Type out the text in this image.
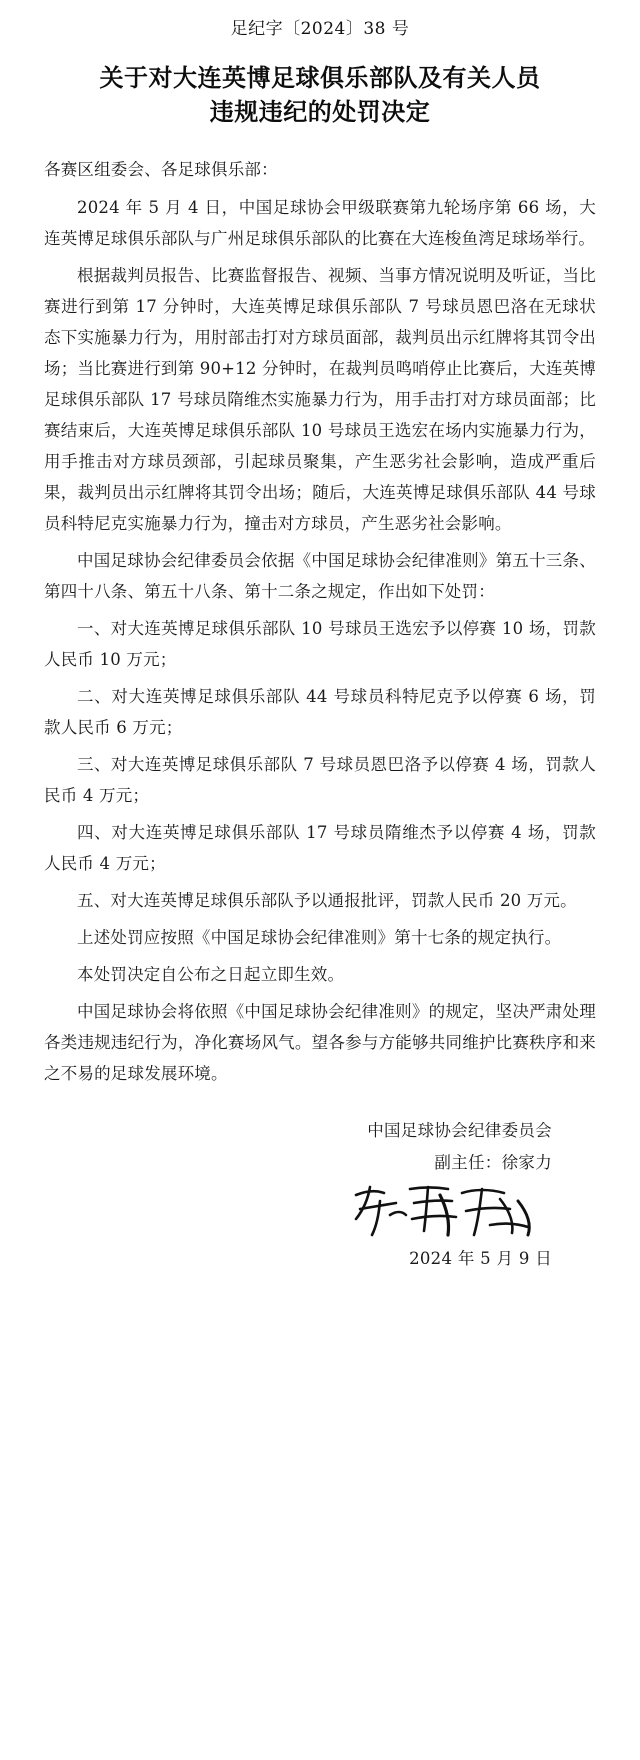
足纪字〔2024〕38 号
关于对大连英博足球俱乐部队及有关人员
违规违纪的处罚决定
各赛区组委会、各足球俱乐部：

2024 年 5 月 4 日，中国足球协会甲级联赛第九轮场序第 66 场，大连英博足球俱乐部队与广州足球俱乐部队的比赛在大连梭鱼湾足球场举行。

根据裁判员报告、比赛监督报告、视频、当事方情况说明及听证，当比赛进行到第 17 分钟时，大连英博足球俱乐部队 7 号球员恩巴洛在无球状态下实施暴力行为，用肘部击打对方球员面部，裁判员出示红牌将其罚令出场；当比赛进行到第 90+12 分钟时，在裁判员鸣哨停止比赛后，大连英博足球俱乐部队 17 号球员隋维杰实施暴力行为，用手击打对方球员面部；比赛结束后，大连英博足球俱乐部队 10 号球员王选宏在场内实施暴力行为，用手推击对方球员颈部，引起球员聚集，产生恶劣社会影响，造成严重后果，裁判员出示红牌将其罚令出场；随后，大连英博足球俱乐部队 44 号球员科特尼克实施暴力行为，撞击对方球员，产生恶劣社会影响。

中国足球协会纪律委员会依据《中国足球协会纪律准则》第五十三条、第四十八条、第五十八条、第十二条之规定，作出如下处罚：

一、对大连英博足球俱乐部队 10 号球员王选宏予以停赛 10 场，罚款人民币 10 万元；

二、对大连英博足球俱乐部队 44 号球员科特尼克予以停赛 6 场，罚款人民币 6 万元；

三、对大连英博足球俱乐部队 7 号球员恩巴洛予以停赛 4 场，罚款人民币 4 万元；

四、对大连英博足球俱乐部队 17 号球员隋维杰予以停赛 4 场，罚款人民币 4 万元；

五、对大连英博足球俱乐部队予以通报批评，罚款人民币 20 万元。

上述处罚应按照《中国足球协会纪律准则》第十七条的规定执行。

本处罚决定自公布之日起立即生效。

中国足球协会将依照《中国足球协会纪律准则》的规定，坚决严肃处理各类违规违纪行为，净化赛场风气。望各参与方能够共同维护比赛秩序和来之不易的足球发展环境。

中国足球协会纪律委员会
副主任：徐家力
2024 年 5 月 9 日
